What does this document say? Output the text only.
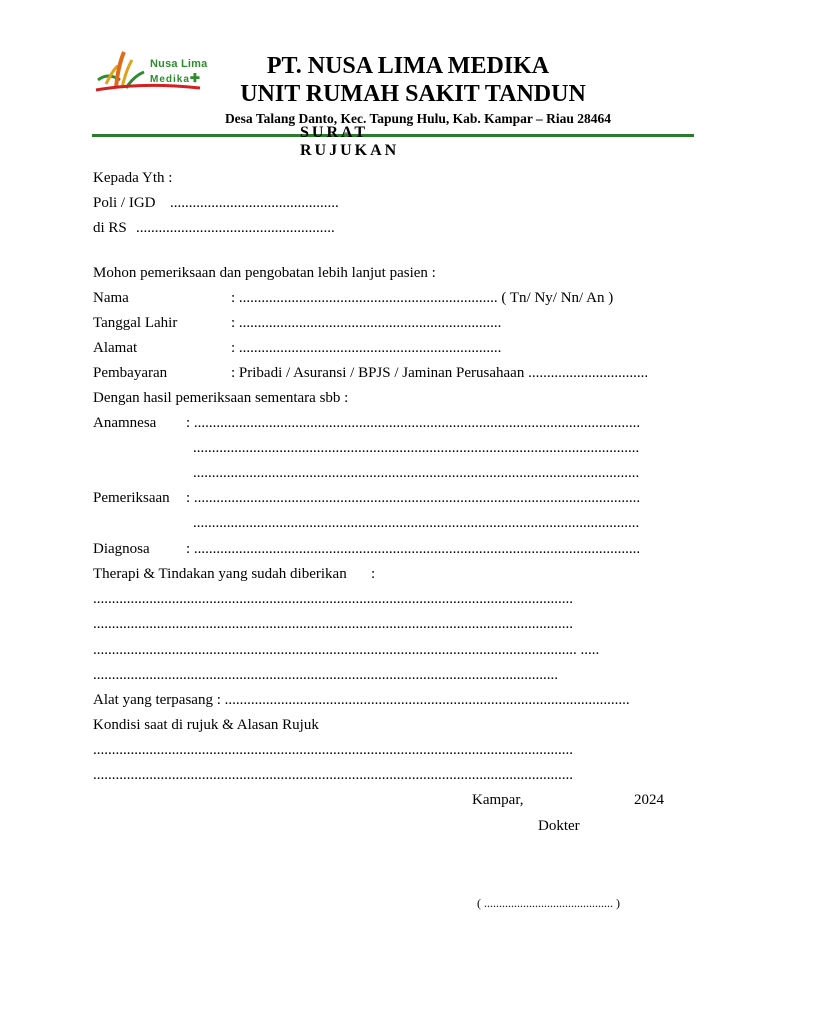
Nusa Lima
Medika✚	PT. NUSA LIMA MEDIKA
UNIT RUMAH SAKIT TANDUN
Desa Talang Danto, Kec. Tapung Hulu, Kab. Kampar – Riau 28464
SURAT RUJUKAN
Kepada Yth :
Poli / IGD .............................................
di RS .....................................................
Mohon pemeriksaan dan pengobatan lebih lanjut pasien :
Nama	: ..................................................................... ( Tn/ Ny/ Nn/ An )
Tanggal Lahir	: ......................................................................
Alamat	: ......................................................................
Pembayaran	: Pribadi / Asuransi / BPJS / Jaminan Perusahaan ................................
Dengan hasil pemeriksaan sementara sbb :
Anamnesa : .......................................................................................................................
.......................................................................................................................
.......................................................................................................................
Pemeriksaan : .......................................................................................................................
.......................................................................................................................
Diagnosa : .......................................................................................................................
Therapi & Tindakan yang sudah diberikan :
................................................................................................................................
................................................................................................................................
................................................................................................................................. .....
............................................................................................................................
Alat yang terpasang : ............................................................................................................
Kondisi saat di rujuk & Alasan Rujuk
................................................................................................................................
................................................................................................................................
Kampar,	2024
Dokter
( ........................................... )
